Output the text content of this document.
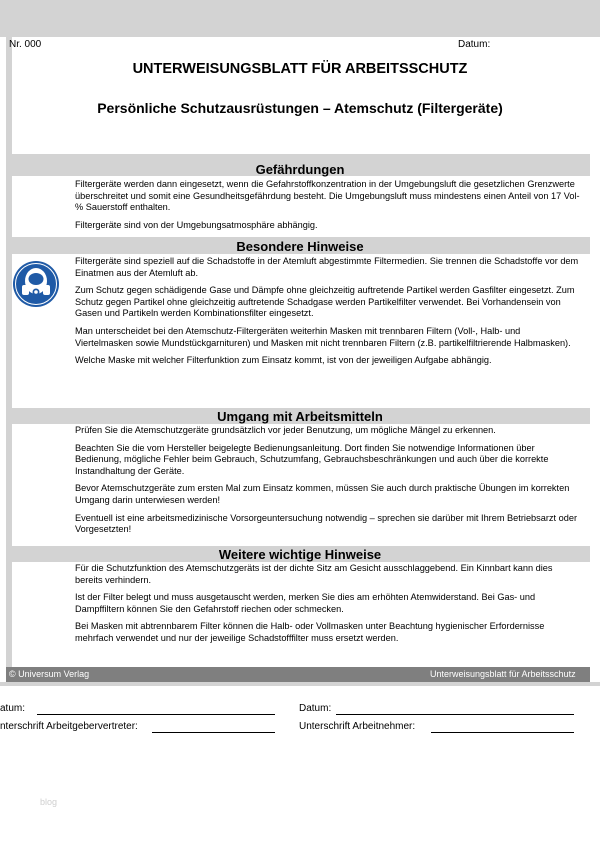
Nr. 000	Datum:
UNTERWEISUNGSBLATT FÜR ARBEITSSCHUTZ
Persönliche Schutzausrüstungen – Atemschutz (Filtergeräte)
Gefährdungen

Filtergeräte werden dann eingesetzt, wenn die Gefahrstoffkonzentration in der Umgebungsluft die gesetzlichen Grenzwerte überschreitet und somit eine Gesundheitsgefährdung besteht. Die Umgebungsluft muss mindestens einen Anteil von 17 Vol-% Sauerstoff enthalten.

Filtergeräte sind von der Umgebungsatmosphäre abhängig.

Besondere Hinweise

Filtergeräte sind speziell auf die Schadstoffe in der Atemluft abgestimmte Filtermedien. Sie trennen die Schadstoffe vor dem Einatmen aus der Atemluft ab.

Zum Schutz gegen schädigende Gase und Dämpfe ohne gleichzeitig auftretende Partikel werden Gasfilter eingesetzt. Zum Schutz gegen Partikel ohne gleichzeitig auftretende Schadgase werden Partikelfilter verwendet. Bei Vorhandensein von Gasen und Partikeln werden Kombinationsfilter eingesetzt.

Man unterscheidet bei den Atemschutz-Filtergeräten weiterhin Masken mit trennbaren Filtern (Voll-, Halb- und Viertelmasken sowie Mundstückgarnituren) und Masken mit nicht trennbaren Filtern (z.B. partikelfiltrierende Halbmasken).

Welche Maske mit welcher Filterfunktion zum Einsatz kommt, ist von der jeweiligen Aufgabe abhängig.

Umgang mit Arbeitsmitteln

Prüfen Sie die Atemschutzgeräte grundsätzlich vor jeder Benutzung, um mögliche Mängel zu erkennen.

Beachten Sie die vom Hersteller beigelegte Bedienungsanleitung. Dort finden Sie notwendige Informationen über Bedienung, mögliche Fehler beim Gebrauch, Schutzumfang, Gebrauchsbeschränkungen und auch über die korrekte Instandhaltung der Geräte.

Bevor Atemschutzgeräte zum ersten Mal zum Einsatz kommen, müssen Sie auch durch praktische Übungen im korrekten Umgang darin unterwiesen werden!

Eventuell ist eine arbeitsmedizinische Vorsorgeuntersuchung notwendig – sprechen sie darüber mit Ihrem Betriebsarzt oder Vorgesetzten!

Weitere wichtige Hinweise

Für die Schutzfunktion des Atemschutzgeräts ist der dichte Sitz am Gesicht ausschlaggebend. Ein Kinnbart kann dies bereits verhindern.

Ist der Filter belegt und muss ausgetauscht werden, merken Sie dies am erhöhten Atemwiderstand. Bei Gas- und Dampffiltern können Sie den Gefahrstoff riechen oder schmecken.

Bei Masken mit abtrennbarem Filter können die Halb- oder Vollmasken unter Beachtung hygienischer Erfordernisse mehrfach verwendet und nur der jeweilige Schadstofffilter muss ersetzt werden.

© Universum Verlag	Unterweisungsblatt für Arbeitsschutz
atum:	Datum:
nterschrift Arbeitgebervertreter:	Unterschrift Arbeitnehmer:
blog
